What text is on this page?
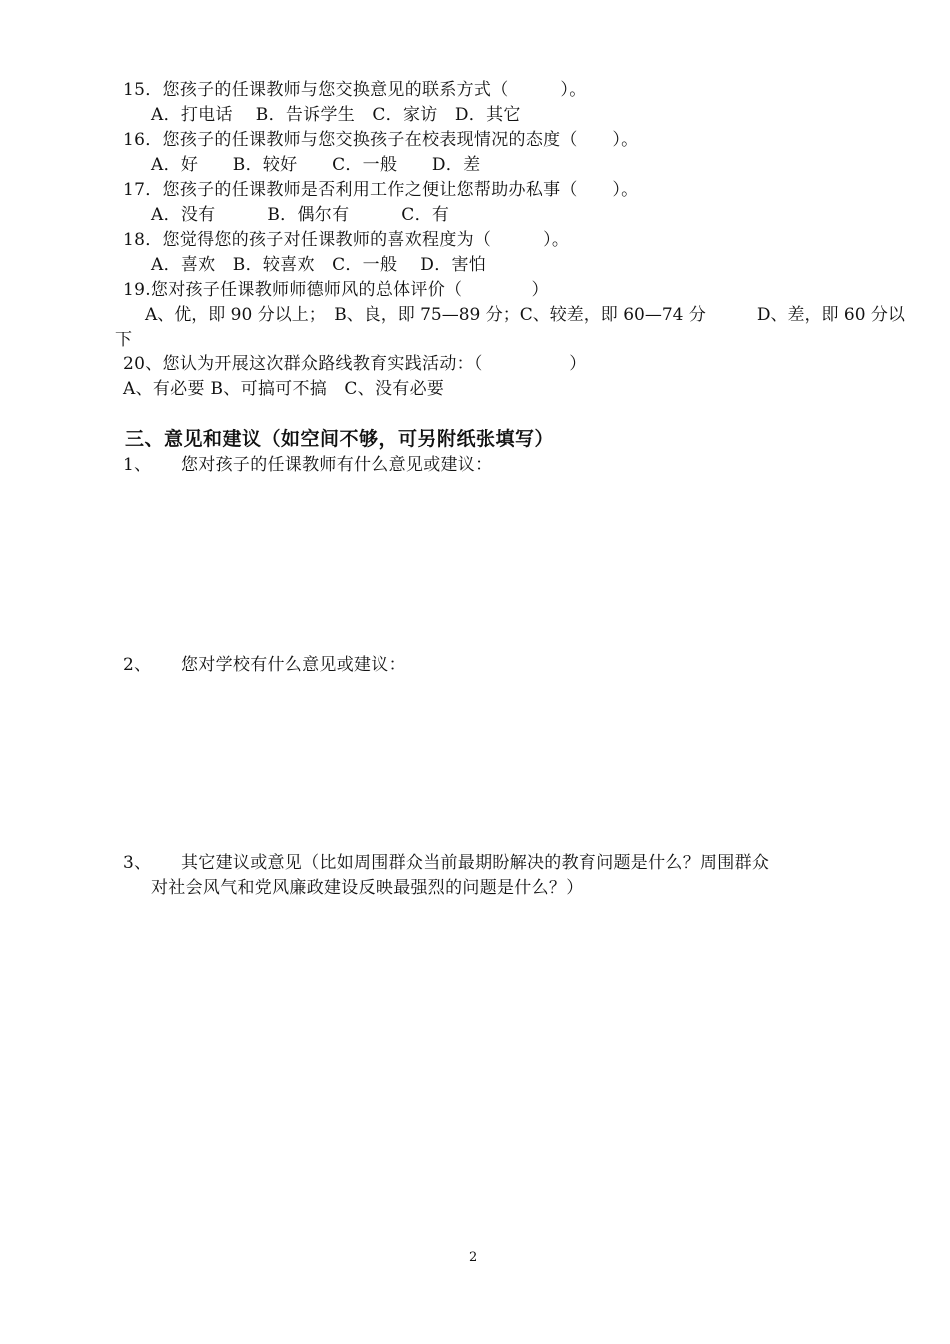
15．您孩子的任课教师与您交换意见的联系方式（　　　）。
A．打电话　 B．告诉学生　C．家访　D．其它
16．您孩子的任课教师与您交换孩子在校表现情况的态度（　　）。
A．好　　B．较好　　C．一般　　D．差
17．您孩子的任课教师是否利用工作之便让您帮助办私事（　　）。
A．没有　　　B．偶尔有　　　C．有
18．您觉得您的孩子对任课教师的喜欢程度为（　　　）。
A．喜欢　B．较喜欢　C．一般　 D．害怕
19.您对孩子任课教师师德师风的总体评价（　　　　）
A、优，即 90 分以上；　B、良，即 75—89 分；C、较差，即 60—74 分　　　D、差，即 60 分以
下
20、您认为开展这次群众路线教育实践活动：（　　　　　）
A、有必要 B、可搞可不搞　C、没有必要
三、意见和建议（如空间不够，可另附纸张填写）
1、 您对孩子的任课教师有什么意见或建议：
2、 您对学校有什么意见或建议：
3、 其它建议或意见（比如周围群众当前最期盼解决的教育问题是什么？周围群众
对社会风气和党风廉政建设反映最强烈的问题是什么？）
2
